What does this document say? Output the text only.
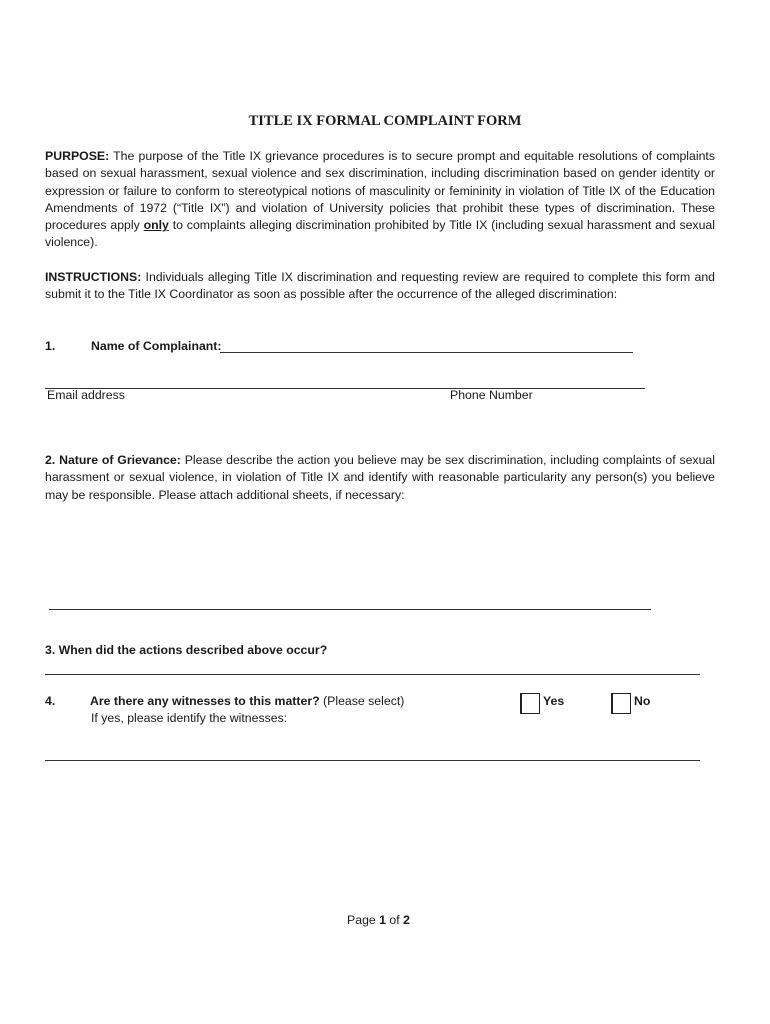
TITLE IX FORMAL COMPLAINT FORM
PURPOSE: The purpose of the Title IX grievance procedures is to secure prompt and equitable resolutions of complaints based on sexual harassment, sexual violence and sex discrimination, including discrimination based on gender identity or expression or failure to conform to stereotypical notions of masculinity or femininity in violation of Title IX of the Education Amendments of 1972 (“Title IX”) and violation of University policies that prohibit these types of discrimination. These procedures apply only to complaints alleging discrimination prohibited by Title IX (including sexual harassment and sexual violence).
INSTRUCTIONS: Individuals alleging Title IX discrimination and requesting review are required to complete this form and submit it to the Title IX Coordinator as soon as possible after the occurrence of the alleged discrimination:
1.	Name of Complainant:
Email address	Phone Number
2. Nature of Grievance: Please describe the action you believe may be sex discrimination, including complaints of sexual harassment or sexual violence, in violation of Title IX and identify with reasonable particularity any person(s) you believe may be responsible. Please attach additional sheets, if necessary:
3. When did the actions described above occur?
4.	Are there any witnesses to this matter? (Please select)
If yes, please identify the witnesses:
Yes	No
Page 1 of 2
